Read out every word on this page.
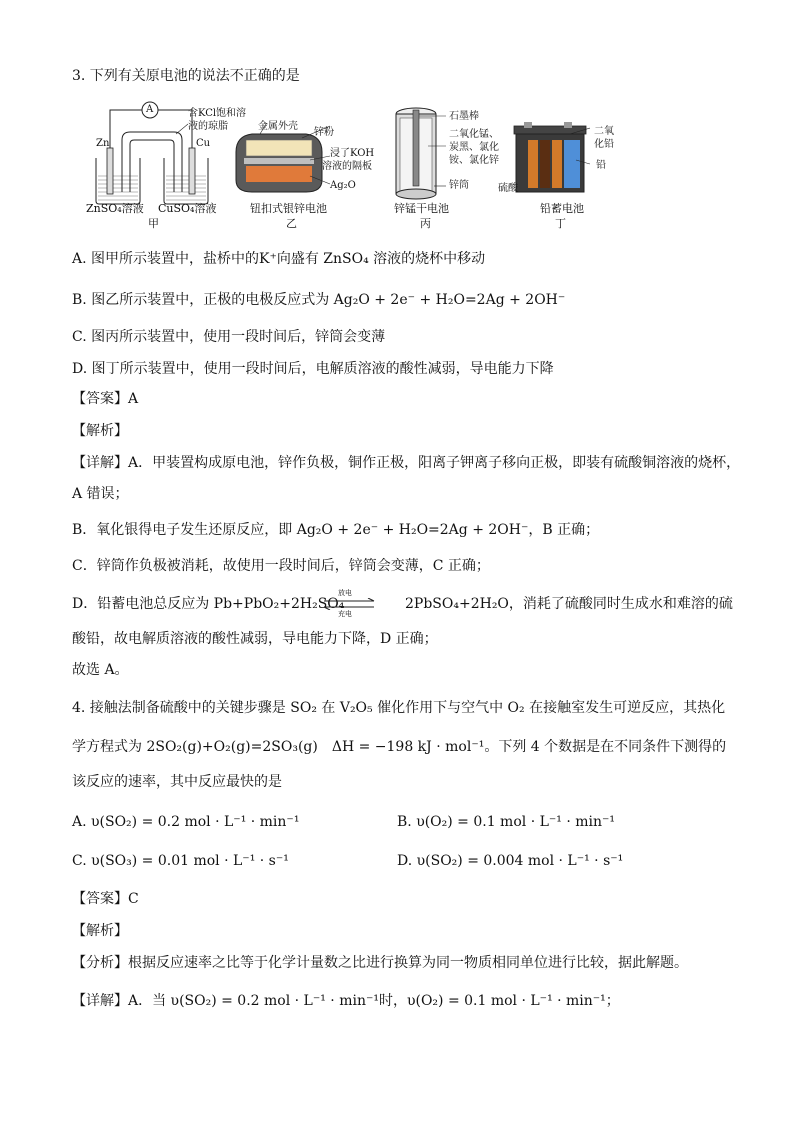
3. 下列有关原电池的说法不正确的是
A
Zn	Cu
含KCl饱和溶
液的琼脂
ZnSO₄溶液 CuSO₄溶液
甲
金属外壳
锌粉
浸了KOH
溶液的隔板
Ag₂O
钮扣式银锌电池
乙
石墨棒
二氧化锰、
炭黑、氯化
铵、氯化锌
锌筒
锌锰干电池
丙
二氧
化铅
铅
硫酸
铅蓄电池
丁
A. 图甲所示装置中，盐桥中的K⁺向盛有 ZnSO₄ 溶液的烧杯中移动
B. 图乙所示装置中，正极的电极反应式为 Ag₂O + 2e⁻ + H₂O=2Ag + 2OH⁻
C. 图丙所示装置中，使用一段时间后，锌筒会变薄
D. 图丁所示装置中，使用一段时间后，电解质溶液的酸性减弱，导电能力下降
【答案】A
【解析】
【详解】A．甲装置构成原电池，锌作负极，铜作正极，阳离子钾离子移向正极，即装有硫酸铜溶液的烧杯，
A 错误；
B．氧化银得电子发生还原反应，即 Ag₂O + 2e⁻ + H₂O=2Ag + 2OH⁻，B 正确；
C．锌筒作负极被消耗，故使用一段时间后，锌筒会变薄，C 正确；
D．铅蓄电池总反应为 Pb+PbO₂+2H₂SO₄
放电
充电
2PbSO₄+2H₂O，消耗了硫酸同时生成水和难溶的硫
酸铅，故电解质溶液的酸性减弱，导电能力下降，D 正确；
故选 A。
4. 接触法制备硫酸中的关键步骤是 SO₂ 在 V₂O₅ 催化作用下与空气中 O₂ 在接触室发生可逆反应，其热化
学方程式为 2SO₂(g)+O₂(g)=2SO₃(g)　ΔH = −198 kJ · mol⁻¹。下列 4 个数据是在不同条件下测得的
该反应的速率，其中反应最快的是
A. υ(SO₂) = 0.2 mol · L⁻¹ · min⁻¹	B. υ(O₂) = 0.1 mol · L⁻¹ · min⁻¹
C. υ(SO₃) = 0.01 mol · L⁻¹ · s⁻¹	D. υ(SO₂) = 0.004 mol · L⁻¹ · s⁻¹
【答案】C
【解析】
【分析】根据反应速率之比等于化学计量数之比进行换算为同一物质相同单位进行比较，据此解题。
【详解】A．当 υ(SO₂) = 0.2 mol · L⁻¹ · min⁻¹时，υ(O₂) = 0.1 mol · L⁻¹ · min⁻¹；
